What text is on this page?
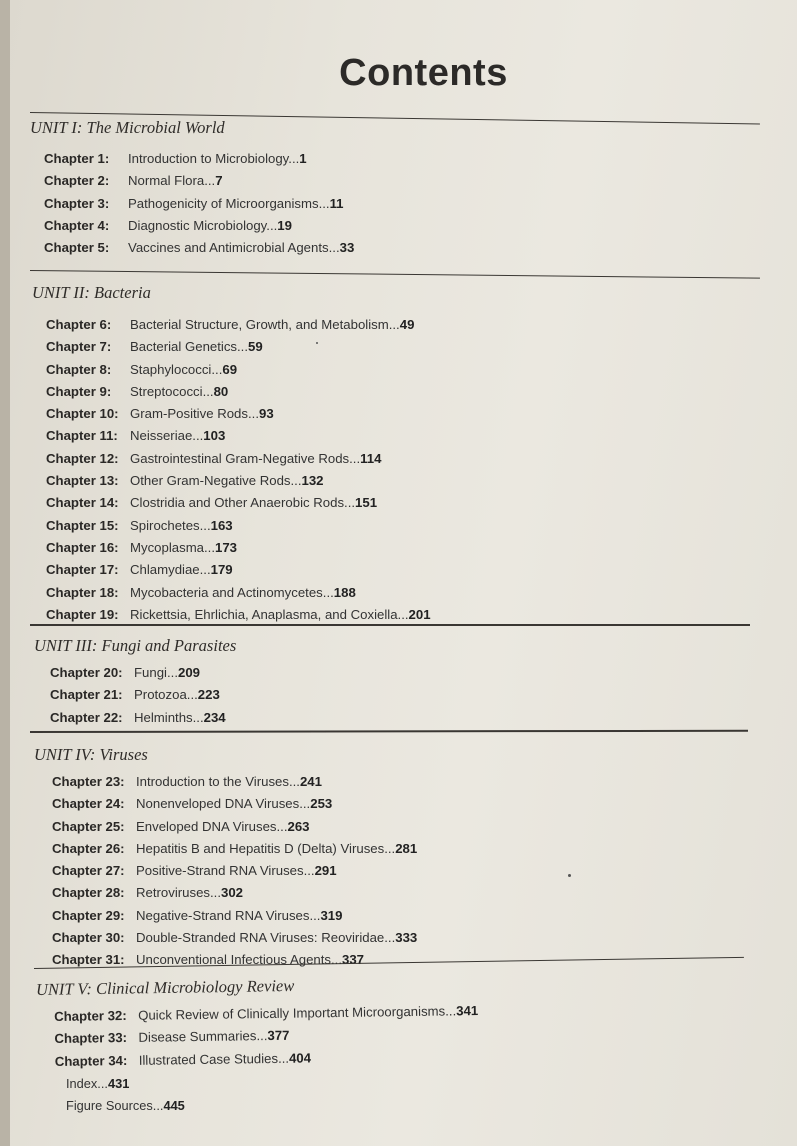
Contents
UNIT I: The Microbial World
Chapter 1: Introduction to Microbiology...1
Chapter 2: Normal Flora...7
Chapter 3: Pathogenicity of Microorganisms...11
Chapter 4: Diagnostic Microbiology...19
Chapter 5: Vaccines and Antimicrobial Agents...33
UNIT II: Bacteria
Chapter 6: Bacterial Structure, Growth, and Metabolism...49
Chapter 7: Bacterial Genetics...59
Chapter 8: Staphylococci...69
Chapter 9: Streptococci...80
Chapter 10: Gram-Positive Rods...93
Chapter 11: Neisseriae...103
Chapter 12: Gastrointestinal Gram-Negative Rods...114
Chapter 13: Other Gram-Negative Rods...132
Chapter 14: Clostridia and Other Anaerobic Rods...151
Chapter 15: Spirochetes...163
Chapter 16: Mycoplasma...173
Chapter 17: Chlamydiae...179
Chapter 18: Mycobacteria and Actinomycetes...188
Chapter 19: Rickettsia, Ehrlichia, Anaplasma, and Coxiella...201
UNIT III: Fungi and Parasites
Chapter 20: Fungi...209
Chapter 21: Protozoa...223
Chapter 22: Helminths...234
UNIT IV: Viruses
Chapter 23: Introduction to the Viruses...241
Chapter 24: Nonenveloped DNA Viruses...253
Chapter 25: Enveloped DNA Viruses...263
Chapter 26: Hepatitis B and Hepatitis D (Delta) Viruses...281
Chapter 27: Positive-Strand RNA Viruses...291
Chapter 28: Retroviruses...302
Chapter 29: Negative-Strand RNA Viruses...319
Chapter 30: Double-Stranded RNA Viruses: Reoviridae...333
Chapter 31: Unconventional Infectious Agents...337
UNIT V: Clinical Microbiology Review
Chapter 32: Quick Review of Clinically Important Microorganisms...341
Chapter 33: Disease Summaries...377
Chapter 34: Illustrated Case Studies...404
Index...431
Figure Sources...445
